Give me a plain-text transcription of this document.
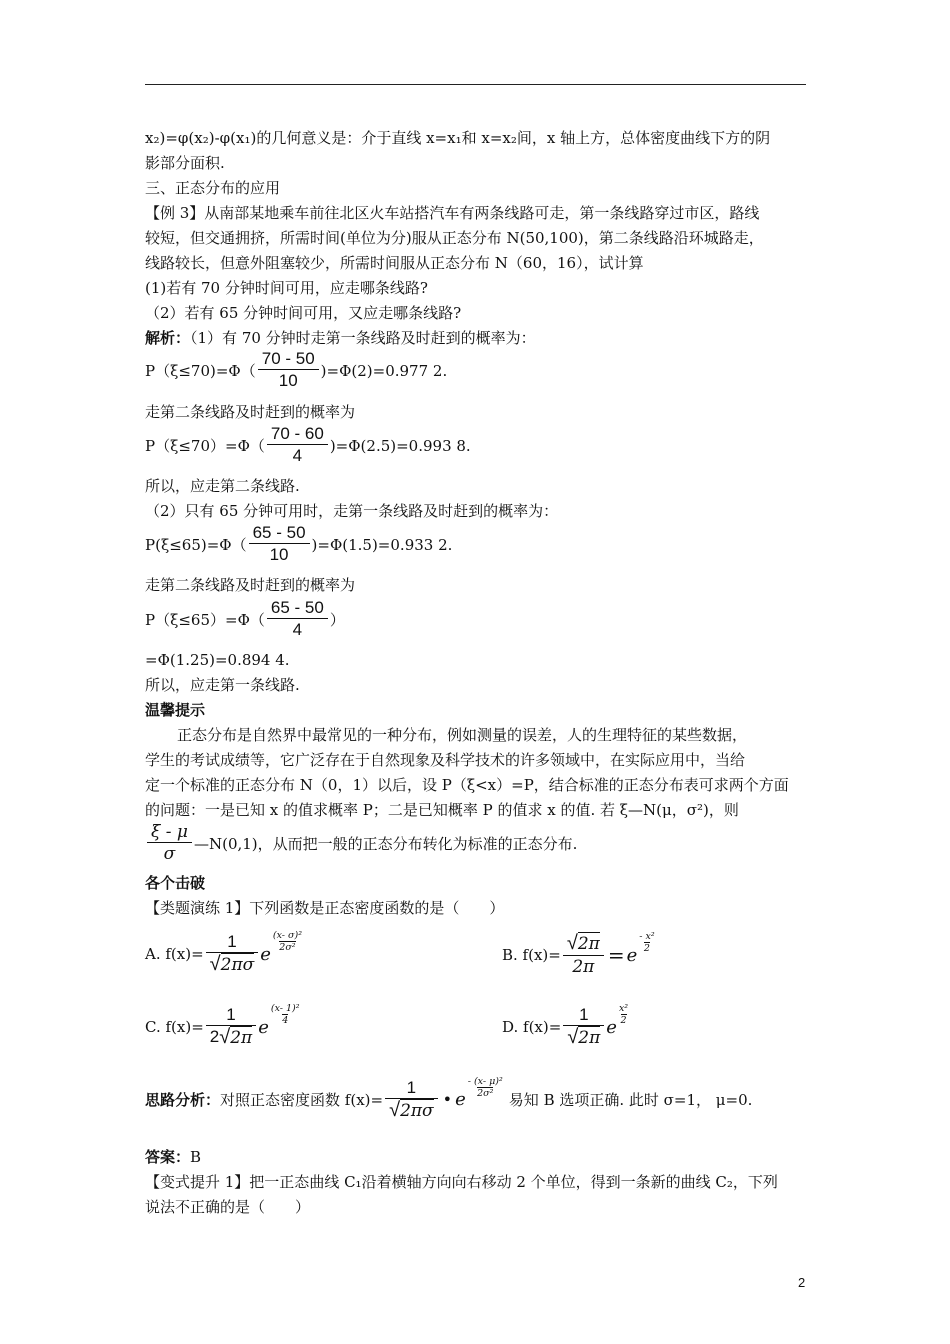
x₂)=φ(x₂)-φ(x₁)的几何意义是：介于直线 x=x₁和 x=x₂间，x 轴上方，总体密度曲线下方的阴
影部分面积.
三、正态分布的应用
【例 3】从南部某地乘车前往北区火车站搭汽车有两条线路可走，第一条线路穿过市区，路线
较短，但交通拥挤，所需时间(单位为分)服从正态分布 N(50,100)，第二条线路沿环城路走，
线路较长，但意外阻塞较少，所需时间服从正态分布 N（60，16），试计算
(1)若有 70 分钟时间可用，应走哪条线路?
（2）若有 65 分钟时间可用，又应走哪条线路?
解析：（1）有 70 分钟时走第一条线路及时赶到的概率为：
$P(\xi\le 70)=\Phi( \frac{70 - 50}{10} )=\Phi(2)=0.977$ 2.
走第二条线路及时赶到的概率为
$P(\xi\le 70)=\Phi( \frac{70 - 60}{4} )=\Phi(2.5)=0.993$ 8.
所以，应走第二条线路.
（2）只有 65 分钟可用时，走第一条线路及时赶到的概率为：
$P(\xi\le 65)=\Phi( \frac{65 - 50}{10} )=\Phi(1.5)=0.933$ 2.
走第二条线路及时赶到的概率为
$P(\xi\le 65)=\Phi( \frac{65 - 50}{4}$ ）
=Φ(1.25)=0.894 4.
所以，应走第一条线路.
温馨提示
正态分布是自然界中最常见的一种分布，例如测量的误差，人的生理特征的某些数据，
学生的考试成绩等，它广泛存在于自然现象及科学技术的许多领域中，在实际应用中，当给
定一个标准的正态分布 N（0，1）以后，设 P（ξ<x）=P，结合标准的正态分布表可求两个方面
的问题：一是已知 x 的值求概率 P；二是已知概率 P 的值求 x 的值. 若 ξ—N(μ，σ²)，则
$\frac{\xi - \mu}{\sigma}$ —N(0,1)，从而把一般的正态分布转化为标准的正态分布.
各个击破
【类题演练 1】下列函数是正态密度函数的是（　　）
A. $f(x)= \frac{1}{√ 2\pi\sigma}$ e
(x- σ)²
2σ²	B. $f(x)= \frac{√ 2\pi}{2\pi} = e$
- x²
2
C. $f(x)= \frac{1}{2 √ 2\pi}$ e
(x- 1)²
4	D. $f(x)= \frac{1}{√ 2\pi}$ e
x²
2
思路分析： 对照正态密度函数 $f(x)= \frac{1}{√ 2\pi\sigma}$ • e
- (x- μ)²
2σ² 易知 B 选项正确. 此时 σ=1， μ=0.
答案：B
【变式提升 1】把一正态曲线 C₁沿着横轴方向向右移动 2 个单位，得到一条新的曲线 C₂，下列
说法不正确的是（　　）
2
